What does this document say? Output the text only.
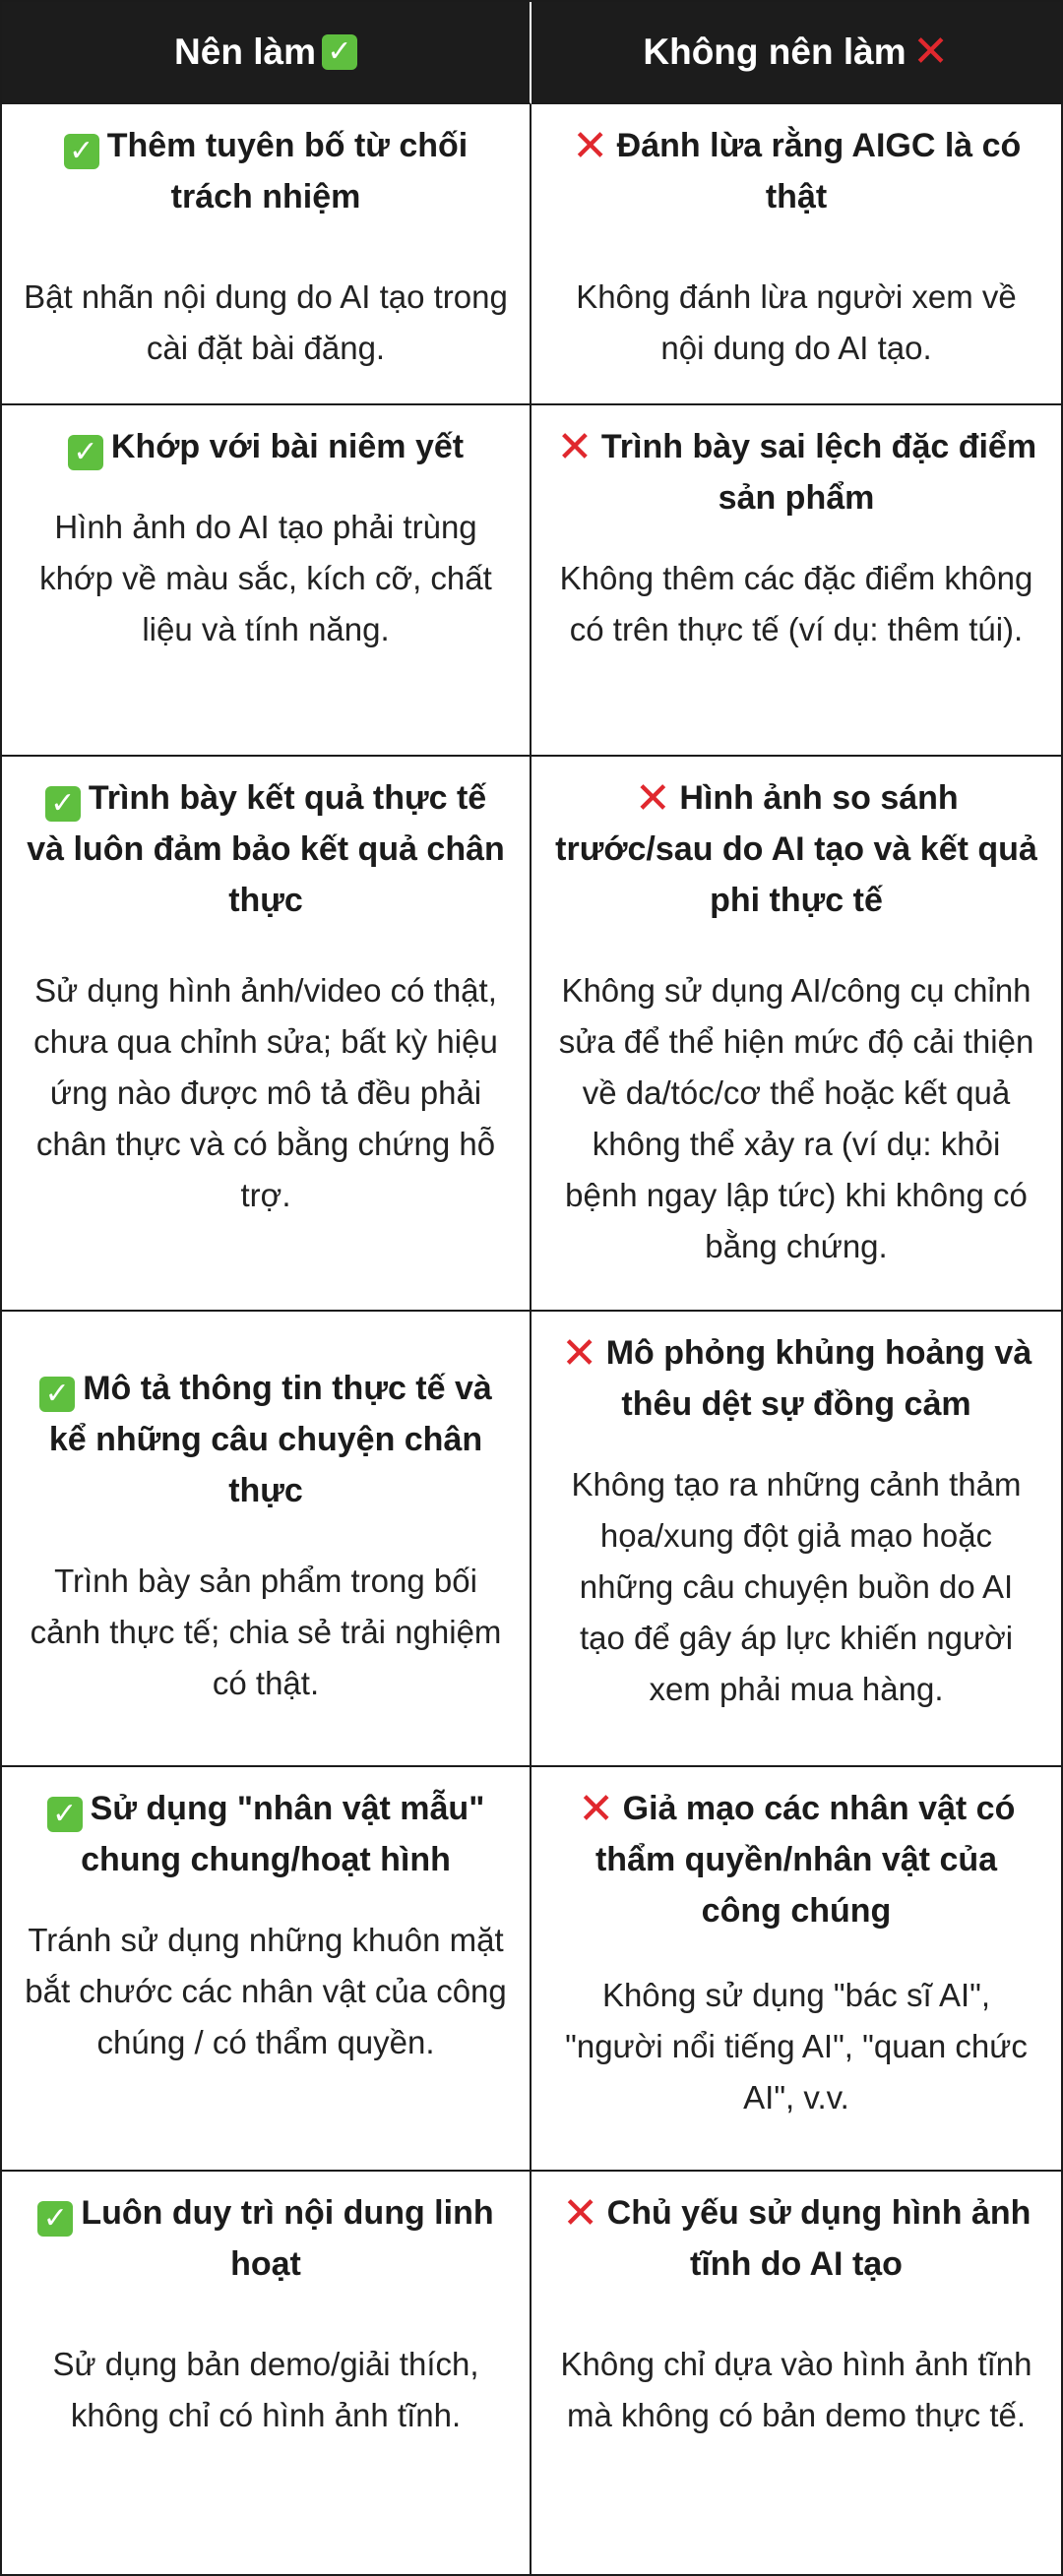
Nên làm ✓	Không nên làm ✕

✓ Thêm tuyên bố từ chối trách nhiệm

Bật nhãn nội dung do AI tạo trong cài đặt bài đăng.

✕ Đánh lừa rằng AIGC là có thật

Không đánh lừa người xem về nội dung do AI tạo.

✓ Khớp với bài niêm yết

Hình ảnh do AI tạo phải trùng khớp về màu sắc, kích cỡ, chất liệu và tính năng.

✕ Trình bày sai lệch đặc điểm sản phẩm

Không thêm các đặc điểm không có trên thực tế (ví dụ: thêm túi).

✓ Trình bày kết quả thực tế và luôn đảm bảo kết quả chân thực

Sử dụng hình ảnh/video có thật, chưa qua chỉnh sửa; bất kỳ hiệu ứng nào được mô tả đều phải chân thực và có bằng chứng hỗ trợ.

✕ Hình ảnh so sánh trước/sau do AI tạo và kết quả phi thực tế

Không sử dụng AI/công cụ chỉnh sửa để thể hiện mức độ cải thiện về da/tóc/cơ thể hoặc kết quả không thể xảy ra (ví dụ: khỏi bệnh ngay lập tức) khi không có bằng chứng.

✓ Mô tả thông tin thực tế và kể những câu chuyện chân thực

Trình bày sản phẩm trong bối cảnh thực tế; chia sẻ trải nghiệm có thật.

✕ Mô phỏng khủng hoảng và thêu dệt sự đồng cảm

Không tạo ra những cảnh thảm họa/xung đột giả mạo hoặc những câu chuyện buồn do AI tạo để gây áp lực khiến người xem phải mua hàng.

✓ Sử dụng "nhân vật mẫu" chung chung/hoạt hình

Tránh sử dụng những khuôn mặt bắt chước các nhân vật của công chúng / có thẩm quyền.

✕ Giả mạo các nhân vật có thẩm quyền/nhân vật của công chúng

Không sử dụng "bác sĩ AI", "người nổi tiếng AI", "quan chức AI", v.v.

✓ Luôn duy trì nội dung linh hoạt

Sử dụng bản demo/giải thích, không chỉ có hình ảnh tĩnh.

✕ Chủ yếu sử dụng hình ảnh tĩnh do AI tạo

Không chỉ dựa vào hình ảnh tĩnh mà không có bản demo thực tế.
